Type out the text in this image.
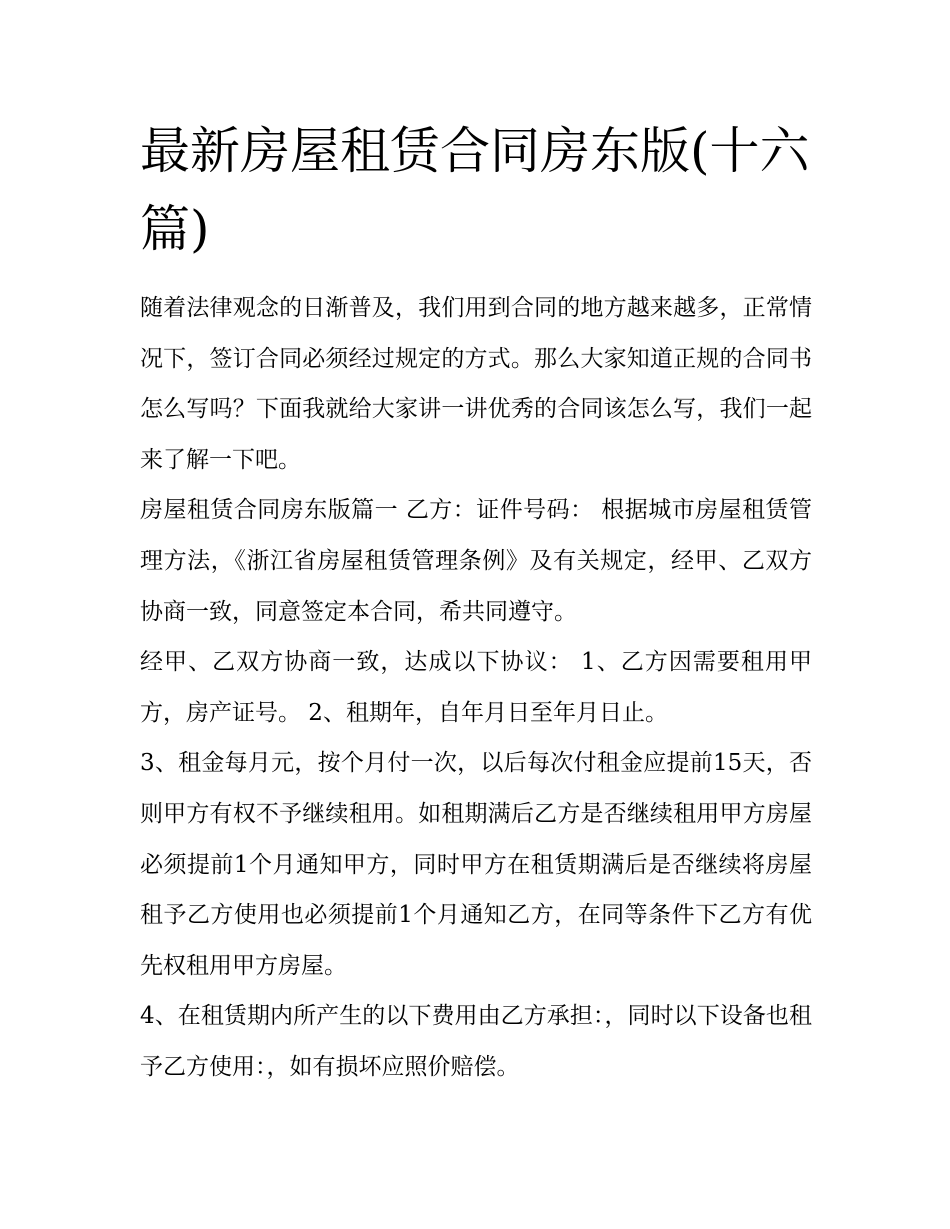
最新房屋租赁合同房东版(十六篇)

随着法律观念的日渐普及，我们用到合同的地方越来越多，正常情况下，签订合同必须经过规定的方式。那么大家知道正规的合同书怎么写吗？下面我就给大家讲一讲优秀的合同该怎么写，我们一起来了解一下吧。

房屋租赁合同房东版篇一 乙方：证件号码： 根据城市房屋租赁管理方法，《浙江省房屋租赁管理条例》及有关规定，经甲、乙双方协商一致，同意签定本合同，希共同遵守。

经甲、乙双方协商一致，达成以下协议： 1、乙方因需要租用甲方，房产证号。 2、租期年，自年月日至年月日止。

3、租金每月元，按个月付一次，以后每次付租金应提前15天，否则甲方有权不予继续租用。如租期满后乙方是否继续租用甲方房屋必须提前1个月通知甲方，同时甲方在租赁期满后是否继续将房屋租予乙方使用也必须提前1个月通知乙方，在同等条件下乙方有优先权租用甲方房屋。

4、在租赁期内所产生的以下费用由乙方承担：，同时以下设备也租予乙方使用：，如有损坏应照价赔偿。
